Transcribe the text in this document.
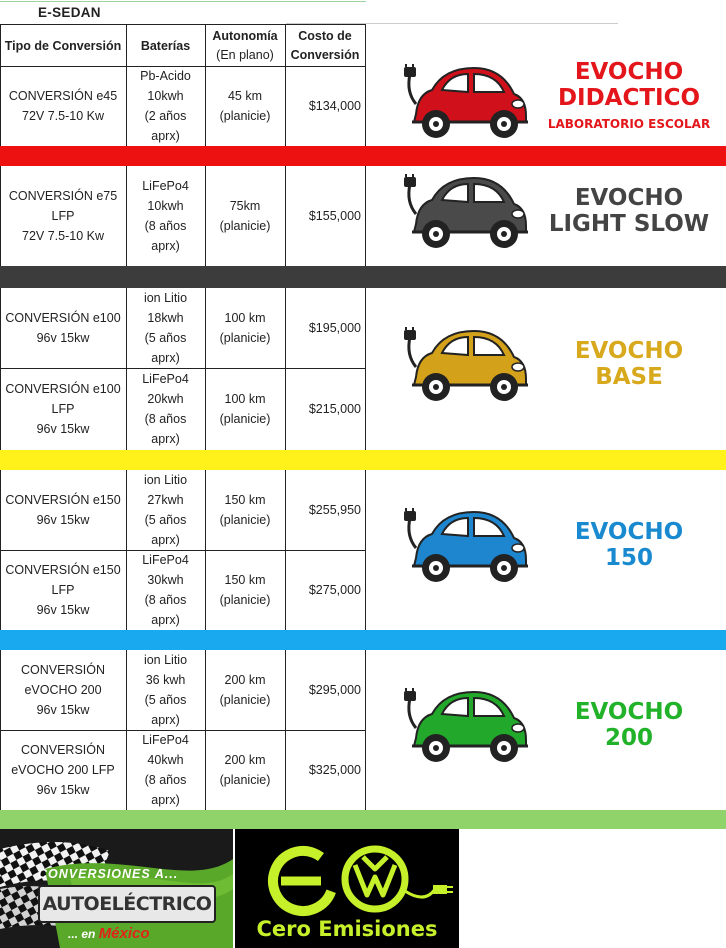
E-SEDAN
Tipo de Conversión Baterías
Autonomía
(En plano)
Costo de
Conversión
CONVERSIÓN e45
72V 7.5-10 Kw
Pb-Acido
10kwh
(2 años
aprx)
45 km
(planicie)
$134,000
CONVERSIÓN e75
LFP
72V 7.5-10 Kw
LiFePo4
10kwh
(8 años
aprx)
75km
(planicie)
$155,000
CONVERSIÓN e100
96v 15kw
ion Litio
18kwh
(5 años
aprx)
100 km
(planicie)
$195,000
CONVERSIÓN e100
LFP
96v 15kw
LiFePo4
20kwh
(8 años
aprx)
100 km
(planicie)
$215,000
CONVERSIÓN e150
96v 15kw
ion Litio
27kwh
(5 años
aprx)
150 km
(planicie)
$255,950
CONVERSIÓN e150
LFP
96v 15kw
LiFePo4
30kwh
(8 años
aprx)
150 km
(planicie)
$275,000
CONVERSIÓN
eVOCHO 200
96v 15kw
ion Litio
36 kwh
(5 años
aprx)
200 km
(planicie)
$295,000
CONVERSIÓN
eVOCHO 200 LFP
96v 15kw
LiFePo4
40kwh
(8 años
aprx)
200 km
(planicie)
$325,000
EVOCHO
DIDACTICO
LABORATORIO ESCOLAR
EVOCHO
LIGHT SLOW
EVOCHO
BASE
EVOCHO
150
EVOCHO
200
CONVERSIONES A...
AUTOELÉCTRICO
... en México	Cero Emisiones
